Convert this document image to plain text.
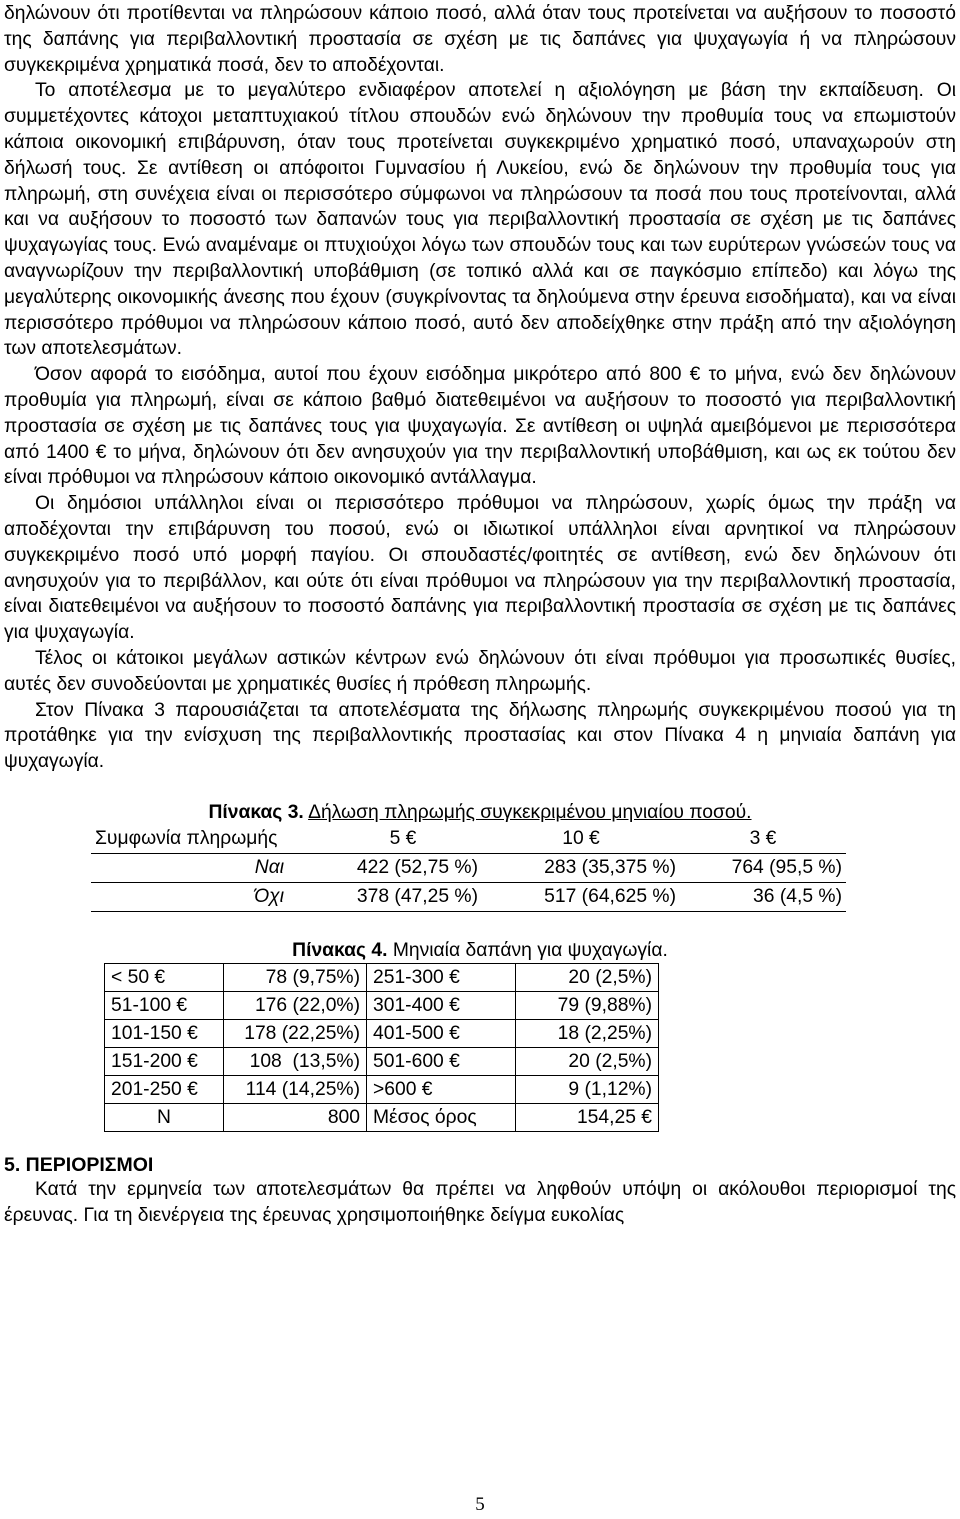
δηλώνουν ότι προτίθενται να πληρώσουν κάποιο ποσό, αλλά όταν τους προτείνεται να αυξήσουν το ποσοστό της δαπάνης για περιβαλλοντική προστασία σε σχέση με τις δαπάνες για ψυχαγωγία ή να πληρώσουν συγκεκριμένα χρηματικά ποσά, δεν το αποδέχονται.

Το αποτέλεσμα με το μεγαλύτερο ενδιαφέρον αποτελεί η αξιολόγηση με βάση την εκπαίδευση. Οι συμμετέχοντες κάτοχοι μεταπτυχιακού τίτλου σπουδών ενώ δηλώνουν την προθυμία τους να επωμιστούν κάποια οικονομική επιβάρυνση, όταν τους προτείνεται συγκεκριμένο χρηματικό ποσό, υπαναχωρούν στη δήλωσή τους. Σε αντίθεση οι απόφοιτοι Γυμνασίου ή Λυκείου, ενώ δε δηλώνουν την προθυμία τους για πληρωμή, στη συνέχεια είναι οι περισσότερο σύμφωνοι να πληρώσουν τα ποσά που τους προτείνονται, αλλά και να αυξήσουν το ποσοστό των δαπανών τους για περιβαλλοντική προστασία σε σχέση με τις δαπάνες ψυχαγωγίας τους. Ενώ αναμέναμε οι πτυχιούχοι λόγω των σπουδών τους και των ευρύτερων γνώσεών τους να αναγνωρίζουν την περιβαλλοντική υποβάθμιση (σε τοπικό αλλά και σε παγκόσμιο επίπεδο) και λόγω της μεγαλύτερης οικονομικής άνεσης που έχουν (συγκρίνοντας τα δηλούμενα στην έρευνα εισοδήματα), και να είναι περισσότερο πρόθυμοι να πληρώσουν κάποιο ποσό, αυτό δεν αποδείχθηκε στην πράξη από την αξιολόγηση των αποτελεσμάτων.

Όσον αφορά το εισόδημα, αυτοί που έχουν εισόδημα μικρότερο από 800 € το μήνα, ενώ δεν δηλώνουν προθυμία για πληρωμή, είναι σε κάποιο βαθμό διατεθειμένοι να αυξήσουν το ποσοστό για περιβαλλοντική προστασία σε σχέση με τις δαπάνες τους για ψυχαγωγία. Σε αντίθεση οι υψηλά αμειβόμενοι με περισσότερα από 1400 € το μήνα, δηλώνουν ότι δεν ανησυχούν για την περιβαλλοντική υποβάθμιση, και ως εκ τούτου δεν είναι πρόθυμοι να πληρώσουν κάποιο οικονομικό αντάλλαγμα.

Οι δημόσιοι υπάλληλοι είναι οι περισσότερο πρόθυμοι να πληρώσουν, χωρίς όμως την πράξη να αποδέχονται την επιβάρυνση του ποσού, ενώ οι ιδιωτικοί υπάλληλοι είναι αρνητικοί να πληρώσουν συγκεκριμένο ποσό υπό μορφή παγίου. Οι σπουδαστές/φοιτητές σε αντίθεση, ενώ δεν δηλώνουν ότι ανησυχούν για το περιβάλλον, και ούτε ότι είναι πρόθυμοι να πληρώσουν για την περιβαλλοντική προστασία, είναι διατεθειμένοι να αυξήσουν το ποσοστό δαπάνης για περιβαλλοντική προστασία σε σχέση με τις δαπάνες για ψυχαγωγία.

Τέλος οι κάτοικοι μεγάλων αστικών κέντρων ενώ δηλώνουν ότι είναι πρόθυμοι για προσωπικές θυσίες, αυτές δεν συνοδεύονται με χρηματικές θυσίες ή πρόθεση πληρωμής.

Στον Πίνακα 3 παρουσιάζεται τα αποτελέσματα της δήλωσης πληρωμής συγκεκριμένου ποσού για τη προτάθηκε για την ενίσχυση της περιβαλλοντικής προστασίας και στον Πίνακα 4 η μηνιαία δαπάνη για ψυχαγωγία.

Πίνακας 3. Δήλωση πληρωμής συγκεκριμένου μηνιαίου ποσού.
Συμφωνία πληρωμής	5 €	10 €	3 €
Ναι	422 (52,75 %)	283 (35,375 %)	764 (95,5 %)
Όχι	378 (47,25 %)	517 (64,625 %)	36 (4,5 %)
Πίνακας 4. Μηνιαία δαπάνη για ψυχαγωγία.
< 50 €	78 (9,75%)	251-300 €	20 (2,5%)
51-100 €	176 (22,0%)	301-400 €	79 (9,88%)
101-150 €	178 (22,25%)	401-500 €	18 (2,25%)
151-200 €	108  (13,5%)	501-600 €	20 (2,5%)
201-250 €	114 (14,25%)	>600 €	9 (1,12%)
N	800	Μέσος όρος	154,25 €

5. ΠΕΡΙΟΡΙΣΜΟΙ

Κατά την ερμηνεία των αποτελεσμάτων θα πρέπει να ληφθούν υπόψη οι ακόλουθοι περιορισμοί της έρευνας. Για τη διενέργεια της έρευνας χρησιμοποιήθηκε δείγμα ευκολίας

5
